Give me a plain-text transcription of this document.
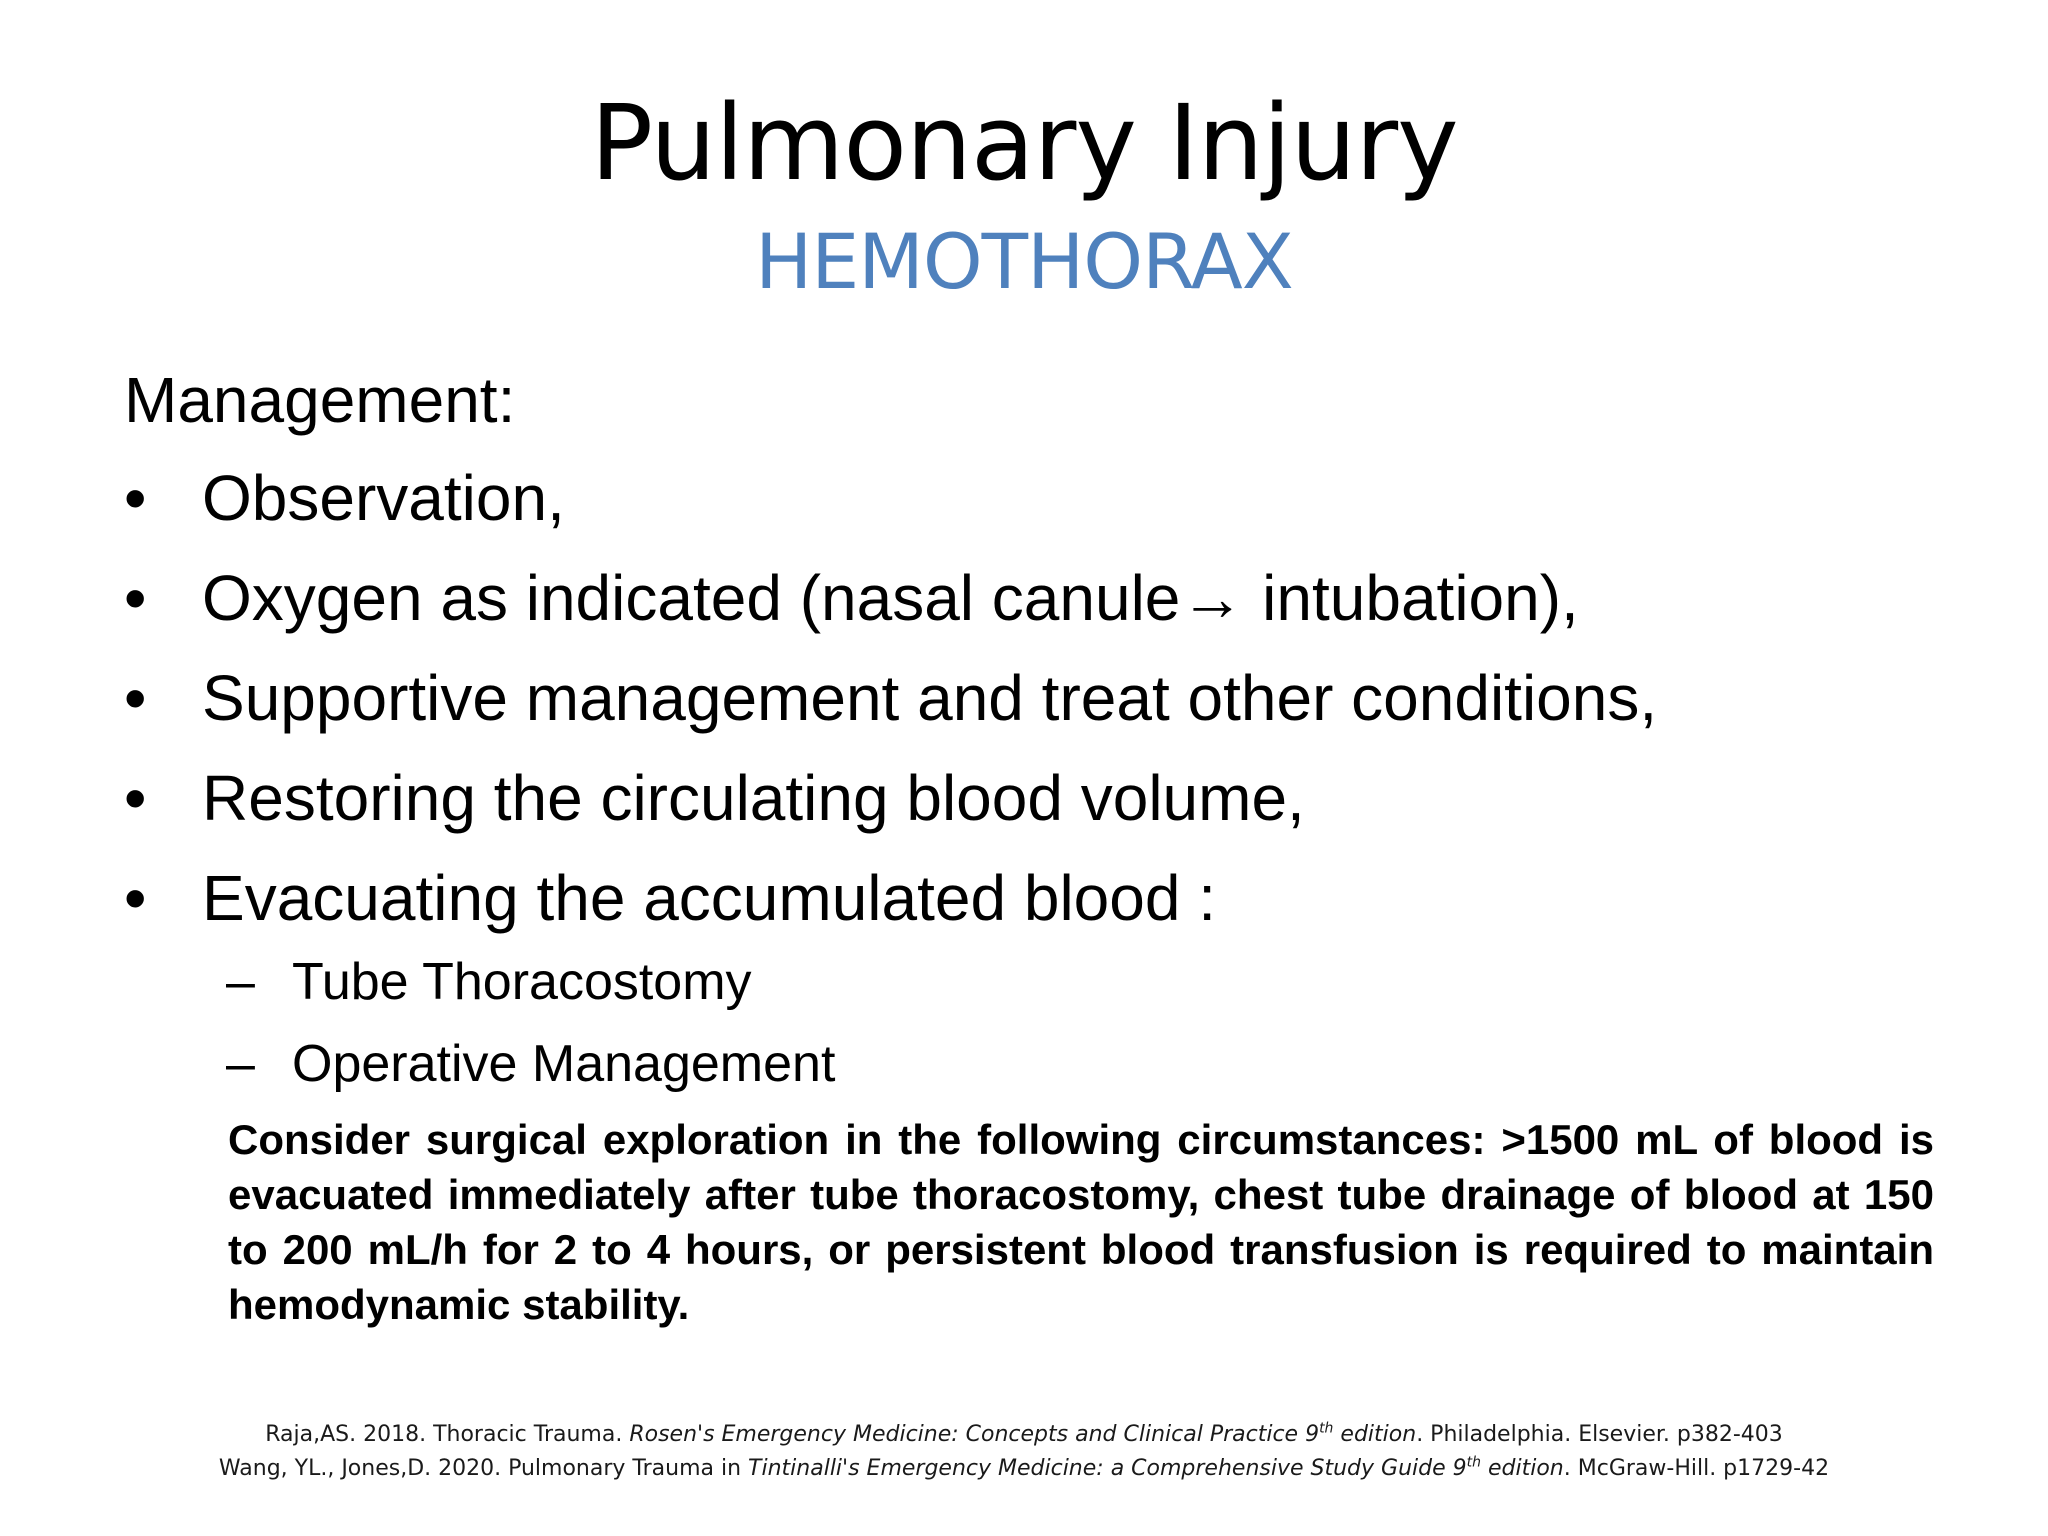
Pulmonary Injury
HEMOTHORAX

Management:

• Observation,
• Oxygen as indicated (nasal canule→ intubation),
• Supportive management and treat other conditions,
• Restoring the circulating blood volume,
• Evacuating the accumulated blood :
– Tube Thoracostomy
– Operative Management

Consider surgical exploration in the following circumstances: >1500 mL of blood is evacuated immediately after tube thoracostomy, chest tube drainage of blood at 150 to 200 mL/h for 2 to 4 hours, or persistent blood transfusion is required to maintain hemodynamic stability.

Raja,AS. 2018. Thoracic Trauma. Rosen's Emergency Medicine: Concepts and Clinical Practice 9th edition. Philadelphia. Elsevier. p382-403
Wang, YL., Jones,D. 2020. Pulmonary Trauma in Tintinalli's Emergency Medicine: a Comprehensive Study Guide 9th edition. McGraw-Hill. p1729-42
